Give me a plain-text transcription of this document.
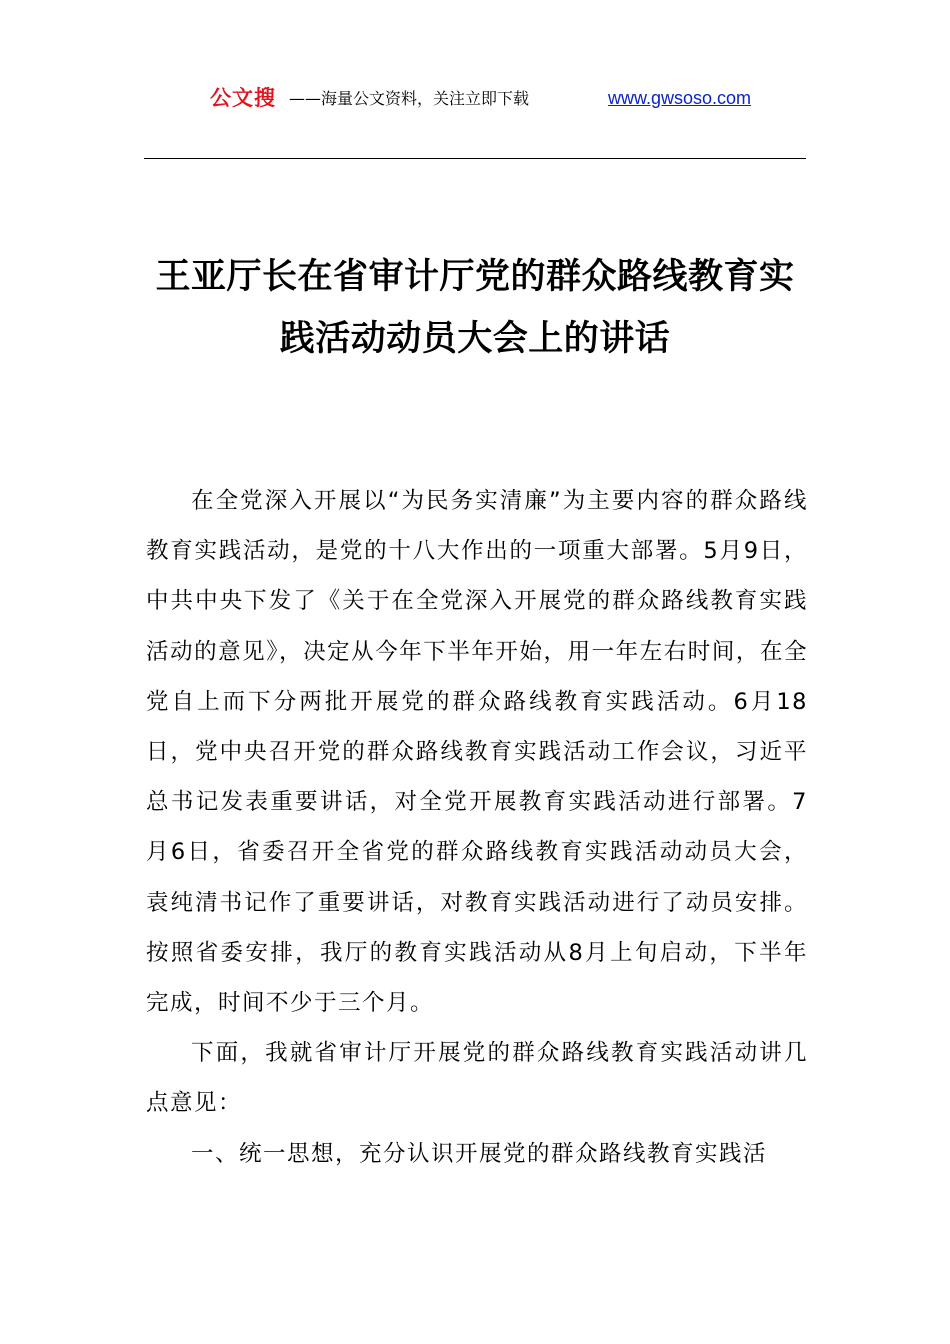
公文搜 ——海量公文资料，关注立即下载	www.gwsoso.com
王亚厅长在省审计厅党的群众路线教育实
践活动动员大会上的讲话

在全党深入开展以“为民务实清廉”为主要内容的群众路线教育实践活动，是党的十八大作出的一项重大部署。5月9日，中共中央下发了《关于在全党深入开展党的群众路线教育实践活动的意见》，决定从今年下半年开始，用一年左右时间，在全党自上而下分两批开展党的群众路线教育实践活动。6月18日，党中央召开党的群众路线教育实践活动工作会议，习近平总书记发表重要讲话，对全党开展教育实践活动进行部署。7月6日，省委召开全省党的群众路线教育实践活动动员大会，袁纯清书记作了重要讲话，对教育实践活动进行了动员安排。按照省委安排，我厅的教育实践活动从8月上旬启动，下半年完成，时间不少于三个月。

下面，我就省审计厅开展党的群众路线教育实践活动讲几点意见：

一、统一思想，充分认识开展党的群众路线教育实践活
